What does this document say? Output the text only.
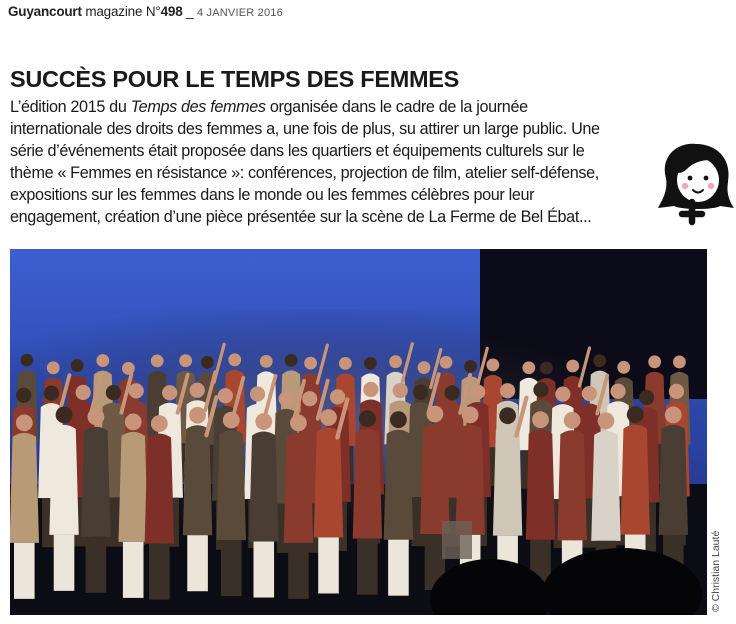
Guyancourt magazine N°498 _ 4 JANVIER 2016
SUCCÈS POUR LE TEMPS DES FEMMES
L’édition 2015 du Temps des femmes organisée dans le cadre de la journée
internationale des droits des femmes a, une fois de plus, su attirer un large public. Une
série d’événements était proposée dans les quartiers et équipements culturels sur le
thème « Femmes en résistance »: conférences, projection de film, atelier self-défense,
expositions sur les femmes dans le monde ou les femmes célèbres pour leur
engagement, création d’une pièce présentée sur la scène de La Ferme de Bel Ébat...
© Christian Lauté
